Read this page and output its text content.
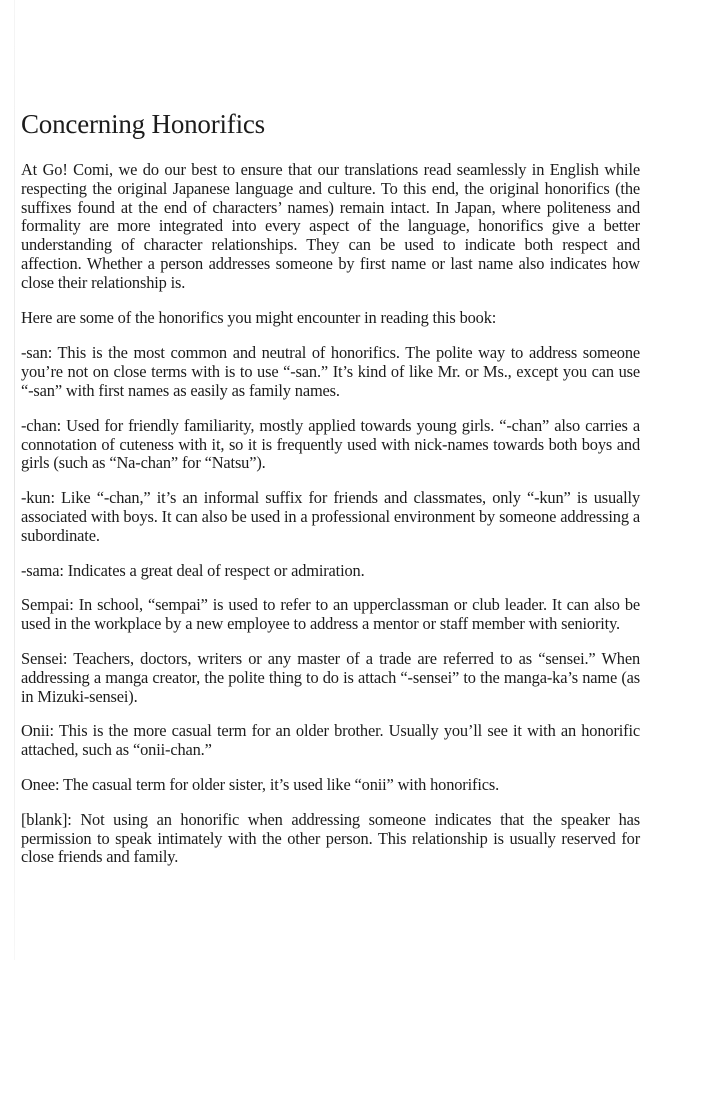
Concerning Honorifics

At Go! Comi, we do our best to ensure that our translations read seamlessly in English while respecting the original Japanese language and culture. To this end, the original honorifics (the suffixes found at the end of characters’ names) remain intact. In Japan, where politeness and formality are more integrated into every aspect of the language, honorifics give a better understanding of character relationships. They can be used to indicate both respect and affection. Whether a person addresses someone by first name or last name also indicates how close their relationship is.

Here are some of the honorifics you might encounter in reading this book:

-san: This is the most common and neutral of honorifics. The polite way to address someone you’re not on close terms with is to use “-san.” It’s kind of like Mr. or Ms., except you can use “-san” with first names as easily as family names.

-chan: Used for friendly familiarity, mostly applied towards young girls. “-chan” also carries a connotation of cuteness with it, so it is frequently used with nick-names towards both boys and girls (such as “Na-chan” for “Natsu”).

-kun: Like “-chan,” it’s an informal suffix for friends and classmates, only “-kun” is usually associated with boys. It can also be used in a professional environment by someone addressing a subordinate.

-sama: Indicates a great deal of respect or admiration.

Sempai: In school, “sempai” is used to refer to an upperclassman or club leader. It can also be used in the workplace by a new employee to address a mentor or staff member with seniority.

Sensei: Teachers, doctors, writers or any master of a trade are referred to as “sensei.” When addressing a manga creator, the polite thing to do is attach “-sensei” to the manga-ka’s name (as in Mizuki-sensei).

Onii: This is the more casual term for an older brother. Usually you’ll see it with an honorific attached, such as “onii-chan.”

Onee: The casual term for older sister, it’s used like “onii” with honorifics.

[blank]: Not using an honorific when addressing someone indicates that the speaker has permission to speak intimately with the other person. This relationship is usually reserved for close friends and family.
